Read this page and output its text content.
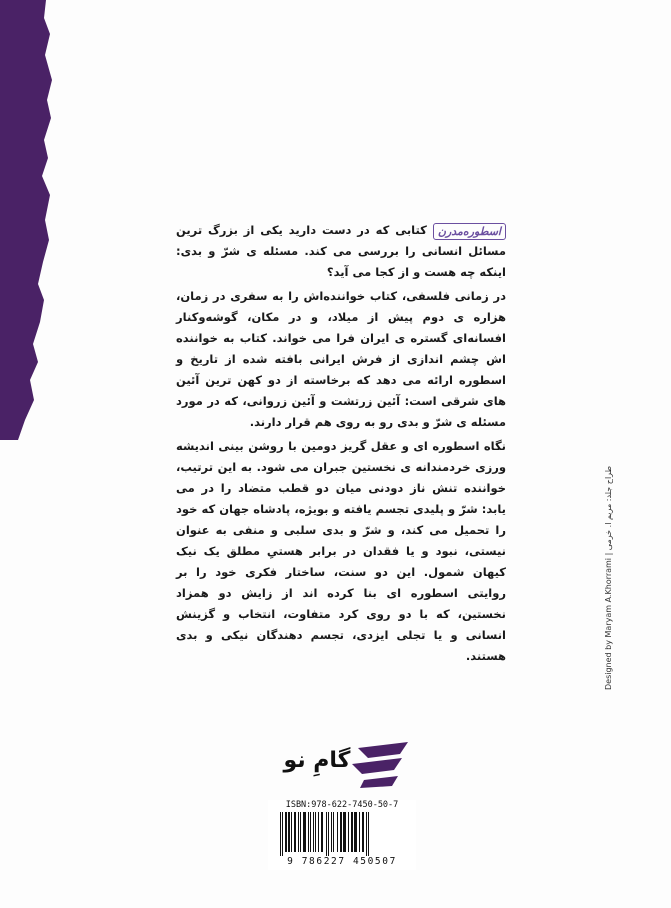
اسطوره‌مدرن
کتابی که در دست دارید یکی از بزرگ ترین مسائل انسانی را بررسی می کند. مسئله ی شرّ و بدی: اینکه چه هست و از کجا می آید؟

در زمانی فلسفی، کتاب خواننده‌اش را به سفری در زمان، هزاره ی دوم پیش از میلاد، و در مکان، گوشه‌وکنار افسانه‌ای گستره ی ایران فرا می خواند. کتاب به خواننده اش چشم اندازی از فرش ایرانی بافته شده از تاریخ و اسطوره ارائه می دهد که برخاسته از دو کهن ترین آئین های شرقی است: آئین زرتشت و آئین زروانی، که در مورد مسئله ی شرّ و بدی رو به روی هم قرار دارند.

نگاه اسطوره ای و عقل گریز دومین با روشن بینی اندیشه ورزی خردمندانه ی نخستین جبران می شود. به این ترتیب، خواننده تنش ناز دودنی میان دو قطب متضاد را در می یابد: شرّ و پلیدی تجسم یافته و بویژه، پادشاه جهان که خود را تحمیل می کند، و شرّ و بدی سلبی و منفی به عنوان نیستی، نبود و یا فقدان در برابر هستیِ مطلق یک نیک کیهان شمول. این دو سنت، ساختار فکری خود را بر روایتی اسطوره ای بنا کرده اند از زایش دو همزاد نخستین، که با دو روی کرد متفاوت، انتخاب و گزینش انسانی و یا تجلی ایزدی، تجسم دهندگان نیکی و بدی هستند.	Designed by Maryam A.Khorrami | طراح جلد: مریم ا. خرمی
گامِ نو
ISBN:978-622-7450-50-7
9 786227 450507
